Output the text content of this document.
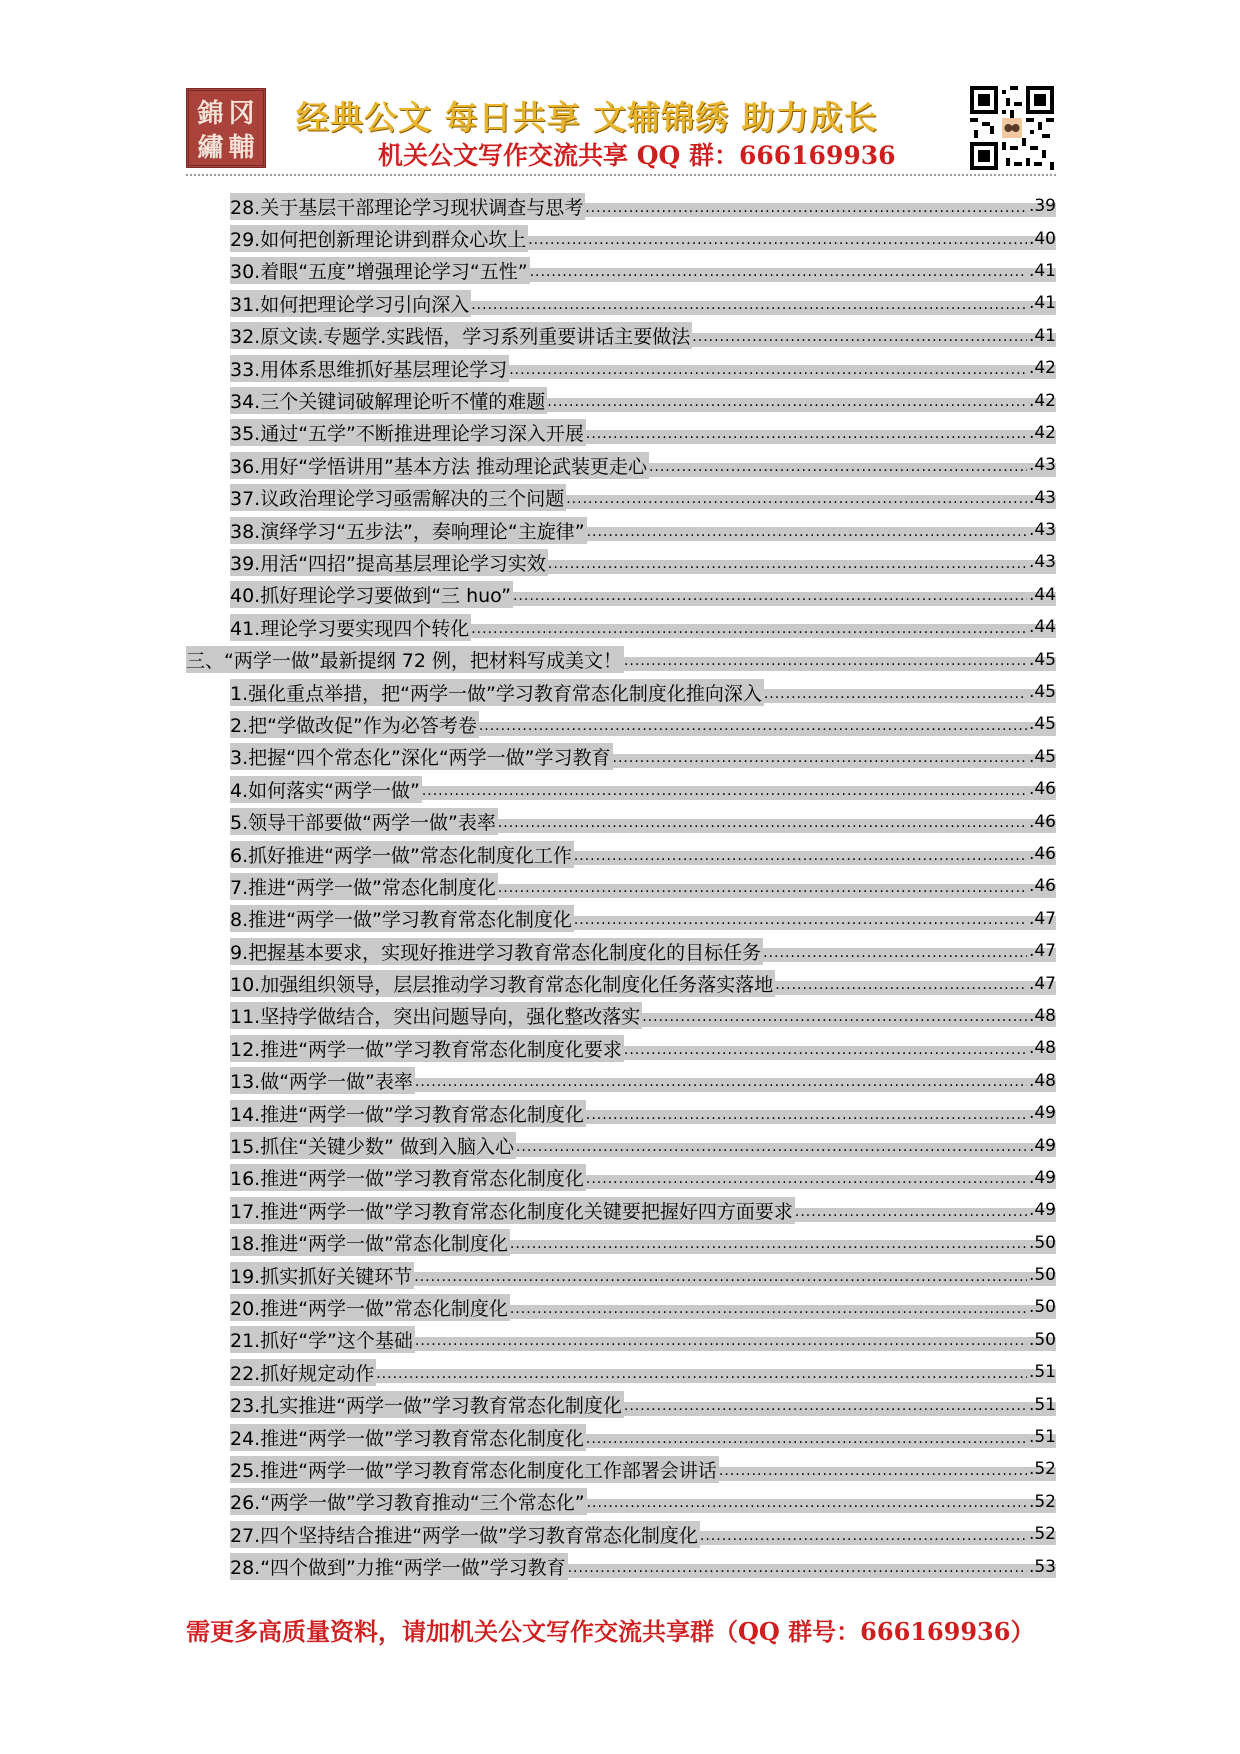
錦 冈
繡 輔
经典公文 每日共享 文辅锦绣 助力成长
机关公文写作交流共享 QQ 群：666169936
28.关于基层干部理论学习现状调查与思考 .....	.39
29.如何把创新理论讲到群众心坎上 .....	.40
30.着眼“五度”增强理论学习“五性” .....	.41
31.如何把理论学习引向深入 .....	.41
32.原文读.专题学.实践悟，学习系列重要讲话主要做法 .....	.41
33.用体系思维抓好基层理论学习 .....	.42
34.三个关键词破解理论听不懂的难题 .....	.42
35.通过“五学”不断推进理论学习深入开展 .....	.42
36.用好“学悟讲用”基本方法 推动理论武装更走心 .....	.43
37.议政治理论学习亟需解决的三个问题 .....	.43
38.演绎学习“五步法”，奏响理论“主旋律” .....	.43
39.用活“四招”提高基层理论学习实效 .....	.43
40.抓好理论学习要做到“三 huo” .....	.44
41.理论学习要实现四个转化 .....	.44
三、“两学一做”最新提纲 72 例，把材料写成美文！ .....	.45
1.强化重点举措，把“两学一做”学习教育常态化制度化推向深入 .....	.45
2.把“学做改促”作为必答考卷 .....	.45
3.把握“四个常态化”深化“两学一做”学习教育 .....	.45
4.如何落实“两学一做” .....	.46
5.领导干部要做“两学一做”表率 .....	.46
6.抓好推进“两学一做”常态化制度化工作 .....	.46
7.推进“两学一做”常态化制度化 .....	.46
8.推进“两学一做”学习教育常态化制度化 .....	.47
9.把握基本要求，实现好推进学习教育常态化制度化的目标任务 .....	.47
10.加强组织领导，层层推动学习教育常态化制度化任务落实落地 .....	.47
11.坚持学做结合，突出问题导向，强化整改落实 .....	.48
12.推进“两学一做”学习教育常态化制度化要求 .....	.48
13.做“两学一做”表率 .....	.48
14.推进“两学一做”学习教育常态化制度化 .....	.49
15.抓住“关键少数” 做到入脑入心 .....	.49
16.推进“两学一做”学习教育常态化制度化 .....	.49
17.推进“两学一做”学习教育常态化制度化关键要把握好四方面要求 .....	.49
18.推进“两学一做”常态化制度化 .....	.50
19.抓实抓好关键环节 .....	.50
20.推进“两学一做”常态化制度化 .....	.50
21.抓好“学”这个基础 .....	.50
22.抓好规定动作 .....	.51
23.扎实推进“两学一做”学习教育常态化制度化 .....	.51
24.推进“两学一做”学习教育常态化制度化 .....	.51
25.推进“两学一做”学习教育常态化制度化工作部署会讲话 .....	.52
26.“两学一做”学习教育推动“三个常态化” .....	.52
27.四个坚持结合推进“两学一做”学习教育常态化制度化 .....	.52
28.“四个做到”力推“两学一做”学习教育 .....	.53
需更多高质量资料，请加机关公文写作交流共享群（QQ 群号：666169936）
